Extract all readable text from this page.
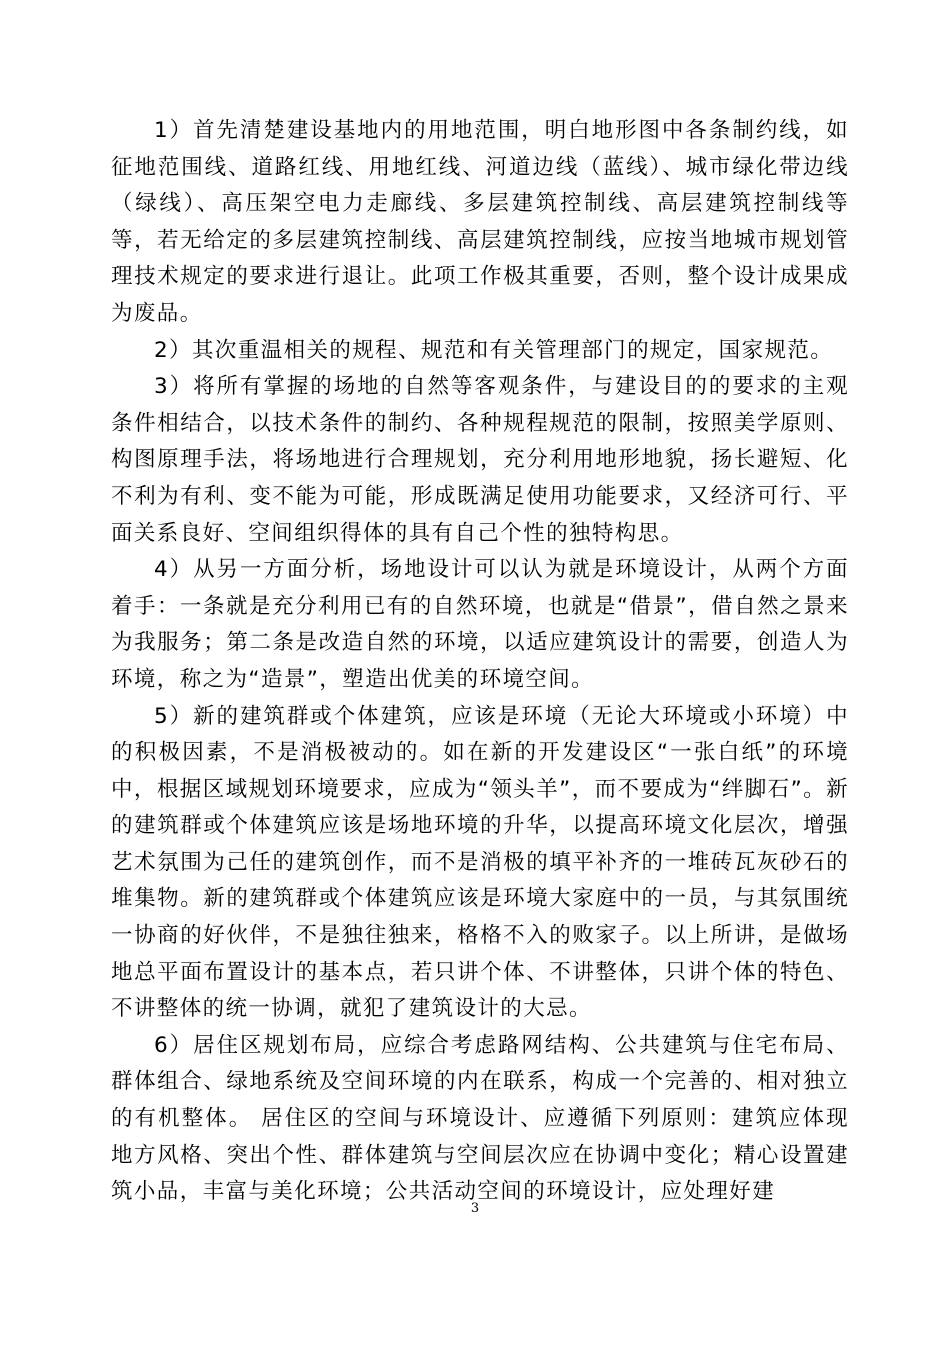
1）首先清楚建设基地内的用地范围，明白地形图中各条制约线，如征地范围线、道路红线、用地红线、河道边线（蓝线）、城市绿化带边线（绿线）、高压架空电力走廊线、多层建筑控制线、高层建筑控制线等等，若无给定的多层建筑控制线、高层建筑控制线，应按当地城市规划管理技术规定的要求进行退让。此项工作极其重要，否则，整个设计成果成为废品。

2）其次重温相关的规程、规范和有关管理部门的规定，国家规范。

3）将所有掌握的场地的自然等客观条件，与建设目的的要求的主观条件相结合，以技术条件的制约、各种规程规范的限制，按照美学原则、构图原理手法，将场地进行合理规划，充分利用地形地貌，扬长避短、化不利为有利、变不能为可能，形成既满足使用功能要求，又经济可行、平面关系良好、空间组织得体的具有自己个性的独特构思。

4）从另一方面分析，场地设计可以认为就是环境设计，从两个方面着手：一条就是充分利用已有的自然环境，也就是“借景”，借自然之景来为我服务；第二条是改造自然的环境，以适应建筑设计的需要，创造人为环境，称之为“造景”，塑造出优美的环境空间。

5）新的建筑群或个体建筑，应该是环境（无论大环境或小环境）中的积极因素，不是消极被动的。如在新的开发建设区“一张白纸”的环境中，根据区域规划环境要求，应成为“领头羊”，而不要成为“绊脚石”。新的建筑群或个体建筑应该是场地环境的升华，以提高环境文化层次，增强艺术氛围为己任的建筑创作，而不是消极的填平补齐的一堆砖瓦灰砂石的堆集物。新的建筑群或个体建筑应该是环境大家庭中的一员，与其氛围统一协商的好伙伴，不是独往独来，格格不入的败家子。以上所讲，是做场地总平面布置设计的基本点，若只讲个体、不讲整体，只讲个体的特色、不讲整体的统一协调，就犯了建筑设计的大忌。

6）居住区规划布局，应综合考虑路网结构、公共建筑与住宅布局、群体组合、绿地系统及空间环境的内在联系，构成一个完善的、相对独立的有机整体。 居住区的空间与环境设计、应遵循下列原则：建筑应体现地方风格、突出个性、群体建筑与空间层次应在协调中变化；精心设置建筑小品，丰富与美化环境；公共活动空间的环境设计，应处理好建

3
